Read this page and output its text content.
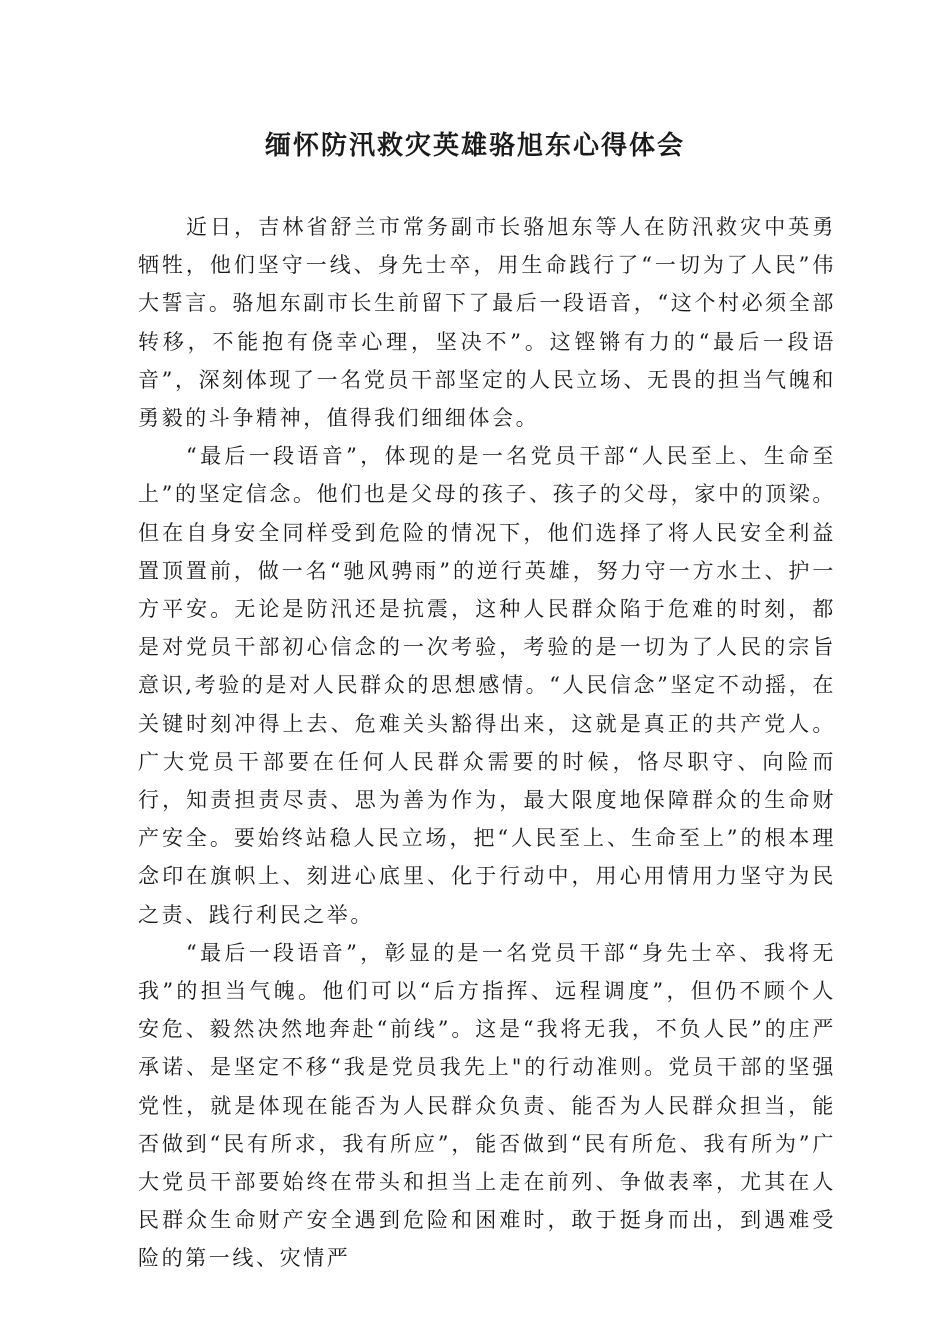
缅怀防汛救灾英雄骆旭东心得体会

近日，吉林省舒兰市常务副市长骆旭东等人在防汛救灾中英勇牺牲，他们坚守一线、身先士卒，用生命践行了“一切为了人民”伟大誓言。骆旭东副市长生前留下了最后一段语音，“这个村必须全部转移，不能抱有侥幸心理，坚决不”。这铿锵有力的“最后一段语音”，深刻体现了一名党员干部坚定的人民立场、无畏的担当气魄和勇毅的斗争精神，值得我们细细体会。

“最后一段语音”，体现的是一名党员干部“人民至上、生命至上”的坚定信念。他们也是父母的孩子、孩子的父母，家中的顶梁。但在自身安全同样受到危险的情况下，他们选择了将人民安全利益置顶置前，做一名“驰风骋雨”的逆行英雄，努力守一方水土、护一方平安。无论是防汛还是抗震，这种人民群众陷于危难的时刻，都是对党员干部初心信念的一次考验，考验的是一切为了人民的宗旨意识,考验的是对人民群众的思想感情。“人民信念”坚定不动摇，在关键时刻冲得上去、危难关头豁得出来，这就是真正的共产党人。广大党员干部要在任何人民群众需要的时候，恪尽职守、向险而行，知责担责尽责、思为善为作为，最大限度地保障群众的生命财产安全。要始终站稳人民立场，把“人民至上、生命至上”的根本理念印在旗帜上、刻进心底里、化于行动中，用心用情用力坚守为民之责、践行利民之举。

“最后一段语音”，彰显的是一名党员干部“身先士卒、我将无我”的担当气魄。他们可以“后方指挥、远程调度”，但仍不顾个人安危、毅然决然地奔赴“前线”。这是“我将无我，不负人民”的庄严承诺、是坚定不移“我是党员我先上"的行动准则。党员干部的坚强党性，就是体现在能否为人民群众负责、能否为人民群众担当，能否做到“民有所求，我有所应”，能否做到“民有所危、我有所为”广大党员干部要始终在带头和担当上走在前列、争做表率，尤其在人民群众生命财产安全遇到危险和困难时，敢于挺身而出，到遇难受险的第一线、灾情严
